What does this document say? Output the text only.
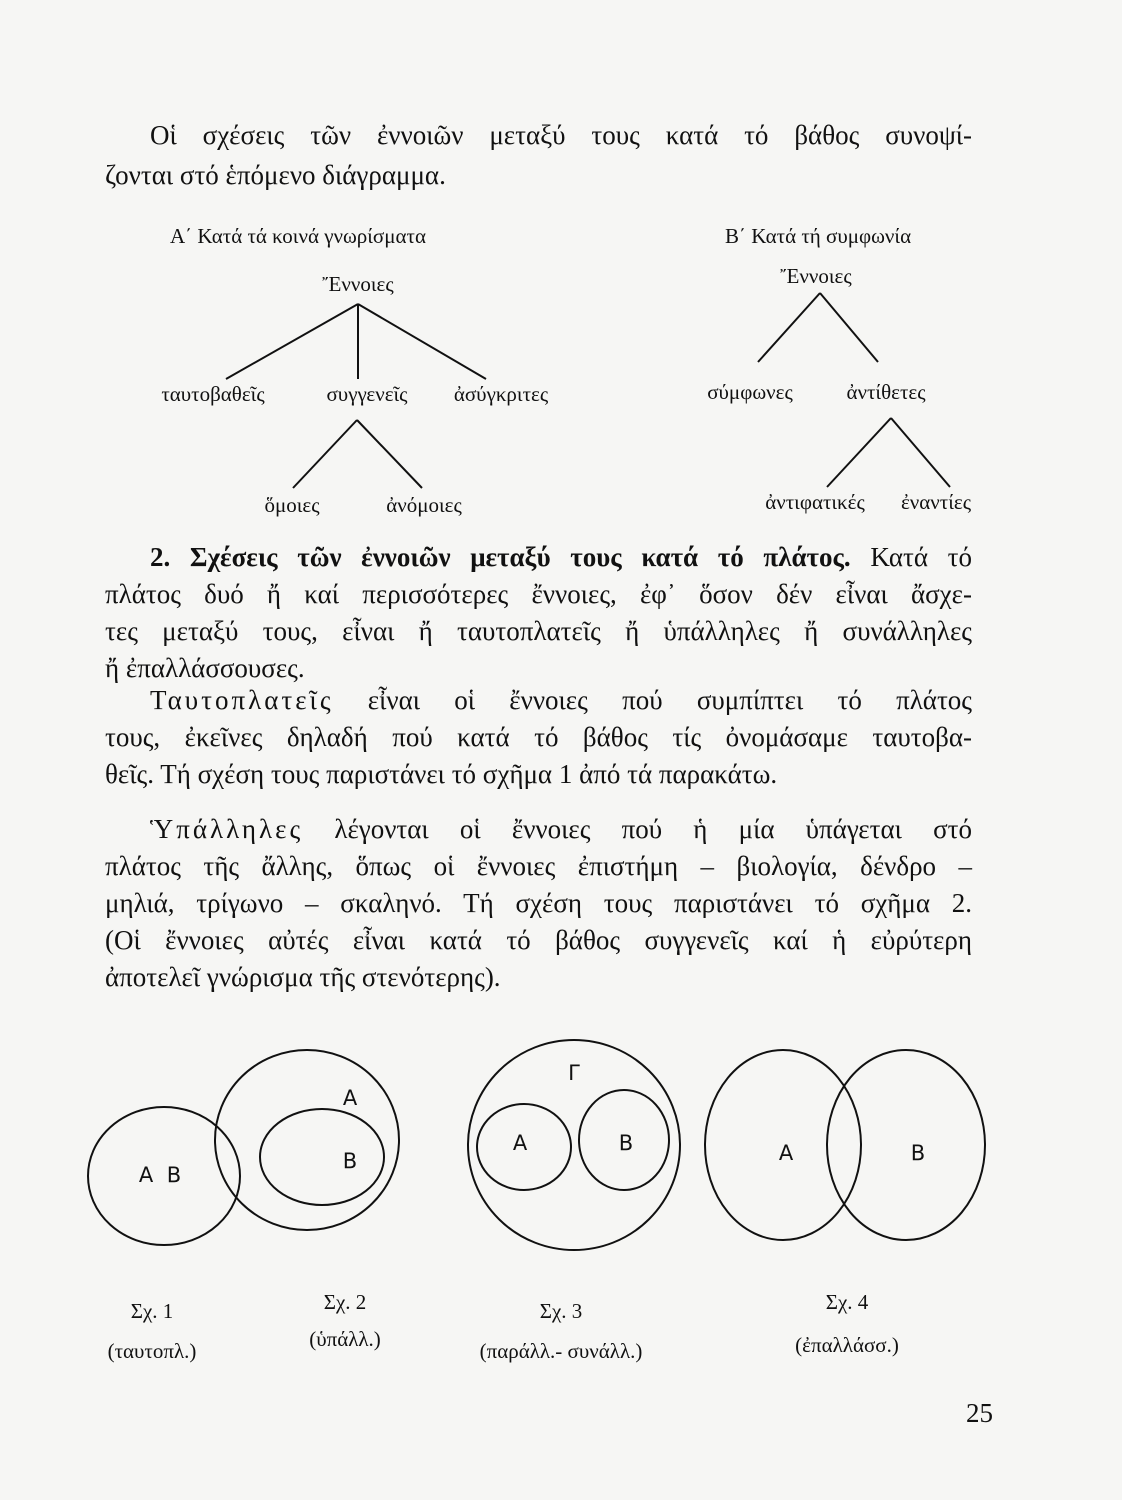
Οἱ σχέσεις τῶν ἐννοιῶν μεταξύ τους κατά τό βάθος συνοψί-
ζονται στό ἑπόμενο διάγραμμα.
Α΄ Κατά τά κοινά γνωρίσματα	Β΄ Κατά τή συμφωνία
Ἔννοιες
ταυτοβαθεῖς	συγγενεῖς ἀσύγκριτες
ὅμοιες	ἀνόμοιες
Ἔννοιες
σύμφωνες	ἀντίθετες
ἀντιφατικές ἐναντίες
2. Σχέσεις τῶν ἐννοιῶν μεταξύ τους κατά τό πλάτος. Κατά τό
πλάτος δυό ἤ καί περισσότερες ἔννοιες, ἐφ᾽ ὅσον δέν εἶναι ἄσχε-
τες μεταξύ τους, εἶναι ἤ ταυτοπλατεῖς ἤ ὑπάλληλες ἤ συνάλληλες
ἤ ἐπαλλάσσουσες.
Ταυτοπλατεῖς εἶναι οἱ ἔννοιες πού συμπίπτει τό πλάτος
τους, ἐκεῖνες δηλαδή πού κατά τό βάθος τίς ὀνομάσαμε ταυτοβα-
θεῖς. Τή σχέση τους παριστάνει τό σχῆμα 1 ἀπό τά παρακάτω.
Ὑπάλληλες λέγονται οἱ ἔννοιες πού ἡ μία ὑπάγεται στό
πλάτος τῆς ἄλλης, ὅπως οἱ ἔννοιες ἐπιστήμη – βιολογία, δένδρο –
μηλιά, τρίγωνο – σκαληνό. Τή σχέση τους παριστάνει τό σχῆμα 2.
(Οἱ ἔννοιες αὐτές εἶναι κατά τό βάθος συγγενεῖς καί ἡ εὐρύτερη
ἀποτελεῖ γνώρισμα τῆς στενότερης).
Α Β
Α
Β
Γ
Α	Β	Α	Β
Σχ. 1
(ταυτοπλ.)
Σχ. 2
(ὑπάλλ.)
Σχ. 3
(παράλλ.- συνάλλ.)
Σχ. 4
(ἐπαλλάσσ.)
25
